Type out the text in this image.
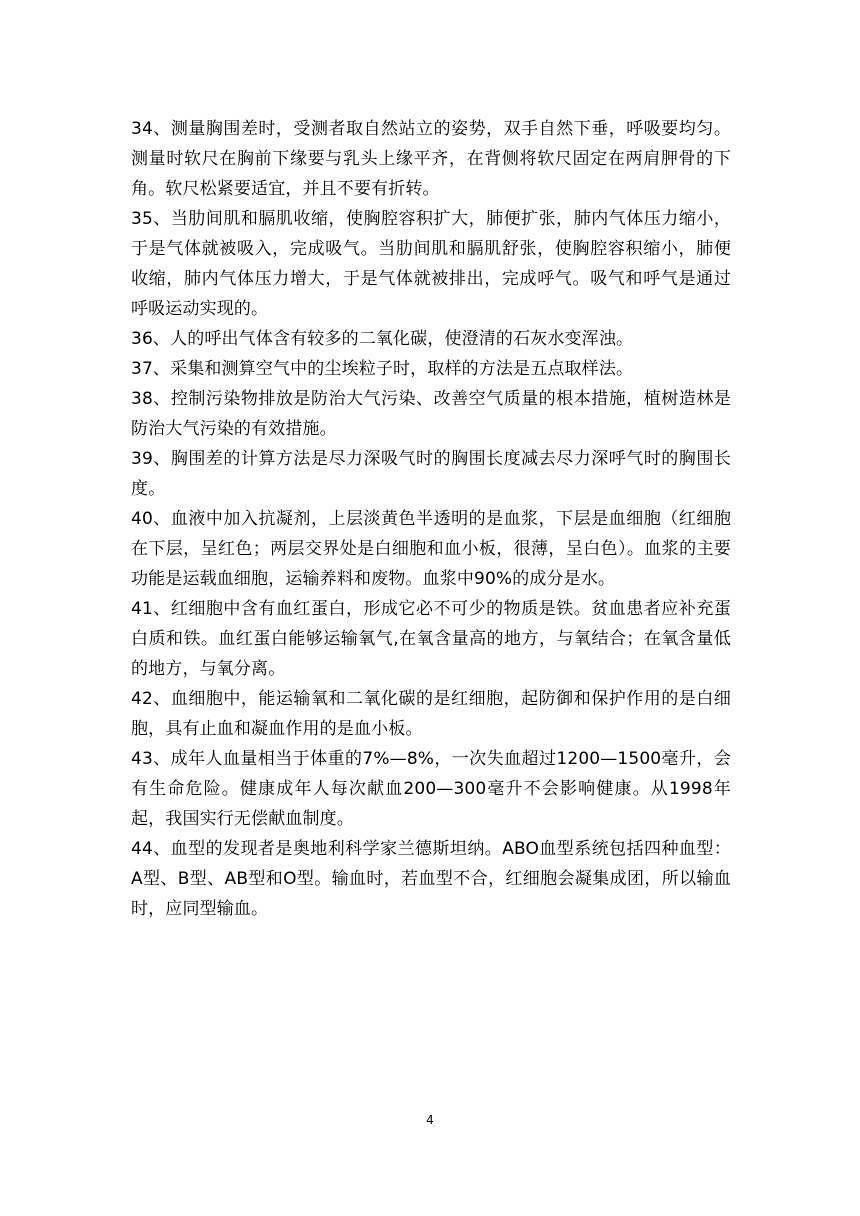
34、测量胸围差时，受测者取自然站立的姿势，双手自然下垂，呼吸要均匀。测量时软尺在胸前下缘要与乳头上缘平齐，在背侧将软尺固定在两肩胛骨的下角。软尺松紧要适宜，并且不要有折转。

35、当肋间肌和膈肌收缩，使胸腔容积扩大，肺便扩张，肺内气体压力缩小，于是气体就被吸入，完成吸气。当肋间肌和膈肌舒张，使胸腔容积缩小，肺便收缩，肺内气体压力增大，于是气体就被排出，完成呼气。吸气和呼气是通过呼吸运动实现的。

36、人的呼出气体含有较多的二氧化碳，使澄清的石灰水变浑浊。

37、采集和测算空气中的尘埃粒子时，取样的方法是五点取样法。

38、控制污染物排放是防治大气污染、改善空气质量的根本措施，植树造林是防治大气污染的有效措施。

39、胸围差的计算方法是尽力深吸气时的胸围长度减去尽力深呼气时的胸围长度。

40、血液中加入抗凝剂，上层淡黄色半透明的是血浆，下层是血细胞（红细胞在下层，呈红色；两层交界处是白细胞和血小板，很薄，呈白色）。血浆的主要功能是运载血细胞，运输养料和废物。血浆中90%的成分是水。

41、红细胞中含有血红蛋白，形成它必不可少的物质是铁。贫血患者应补充蛋白质和铁。血红蛋白能够运输氧气,在氧含量高的地方，与氧结合；在氧含量低的地方，与氧分离。

42、血细胞中，能运输氧和二氧化碳的是红细胞，起防御和保护作用的是白细胞，具有止血和凝血作用的是血小板。

43、成年人血量相当于体重的7%—8%，一次失血超过1200—1500毫升，会有生命危险。健康成年人每次献血200—300毫升不会影响健康。从1998年起，我国实行无偿献血制度。

44、血型的发现者是奥地利科学家兰德斯坦纳。ABO血型系统包括四种血型：A型、B型、AB型和O型。输血时，若血型不合，红细胞会凝集成团，所以输血时，应同型输血。

4
